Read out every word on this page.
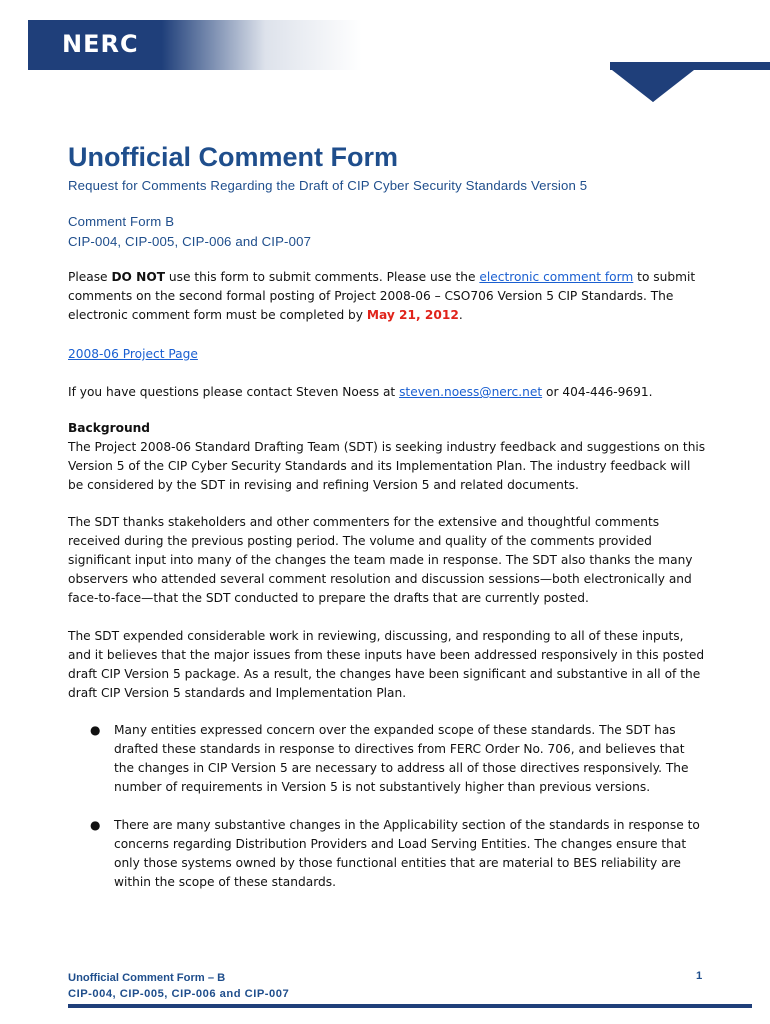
NERC
Unofficial Comment Form
Request for Comments Regarding the Draft of CIP Cyber Security Standards Version 5
Comment Form B
CIP-004, CIP-005, CIP-006 and CIP-007
Please DO NOT use this form to submit comments. Please use the electronic comment form to submit comments on the second formal posting of Project 2008-06 – CSO706 Version 5 CIP Standards. The electronic comment form must be completed by May 21, 2012.
2008-06 Project Page
If you have questions please contact Steven Noess at steven.noess@nerc.net or 404-446-9691.
Background
The Project 2008-06 Standard Drafting Team (SDT) is seeking industry feedback and suggestions on this Version 5 of the CIP Cyber Security Standards and its Implementation Plan. The industry feedback will be considered by the SDT in revising and refining Version 5 and related documents.
The SDT thanks stakeholders and other commenters for the extensive and thoughtful comments received during the previous posting period. The volume and quality of the comments provided significant input into many of the changes the team made in response. The SDT also thanks the many observers who attended several comment resolution and discussion sessions—both electronically and face-to-face—that the SDT conducted to prepare the drafts that are currently posted.
The SDT expended considerable work in reviewing, discussing, and responding to all of these inputs, and it believes that the major issues from these inputs have been addressed responsively in this posted draft CIP Version 5 package. As a result, the changes have been significant and substantive in all of the draft CIP Version 5 standards and Implementation Plan.
● Many entities expressed concern over the expanded scope of these standards. The SDT has drafted these standards in response to directives from FERC Order No. 706, and believes that the changes in CIP Version 5 are necessary to address all of those directives responsively. The number of requirements in Version 5 is not substantively higher than previous versions.
● There are many substantive changes in the Applicability section of the standards in response to concerns regarding Distribution Providers and Load Serving Entities. The changes ensure that only those systems owned by those functional entities that are material to BES reliability are within the scope of these standards.
Unofficial Comment Form – B
CIP-004, CIP-005, CIP-006 and CIP-007
1
